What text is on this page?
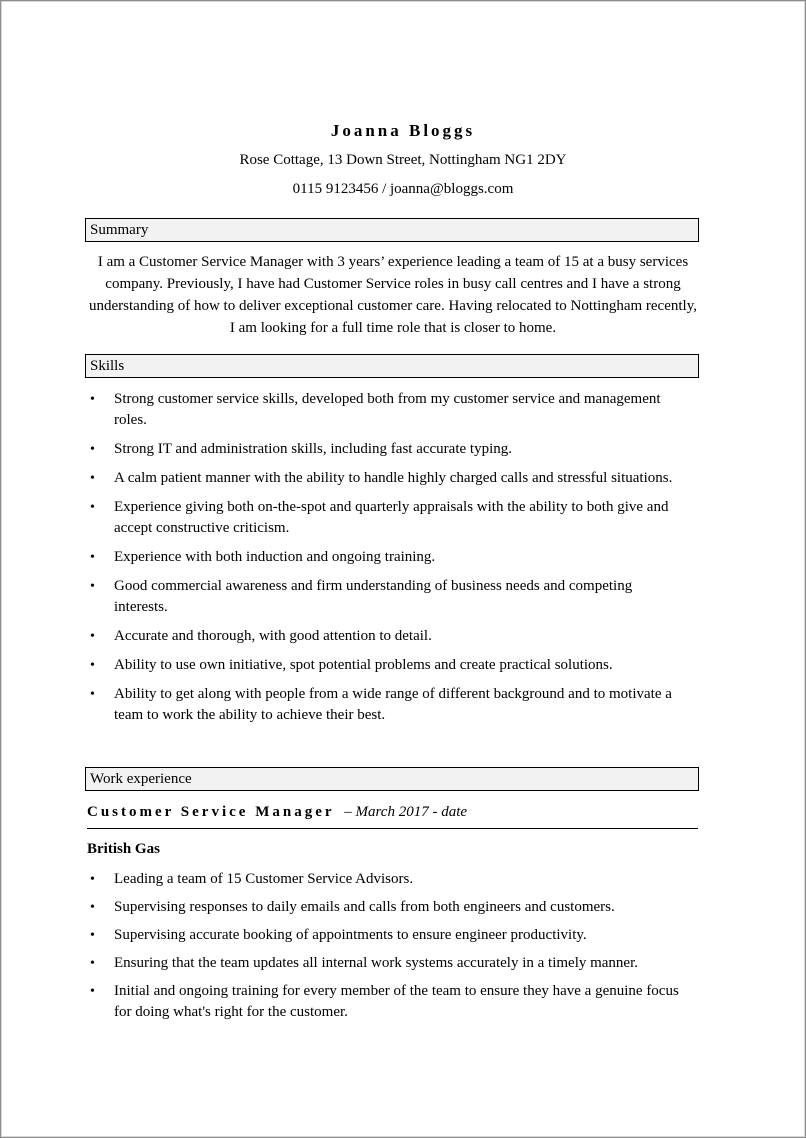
Joanna Bloggs
Rose Cottage, 13 Down Street, Nottingham NG1 2DY
0115 9123456 / joanna@bloggs.com
Summary
I am a Customer Service Manager with 3 years’ experience leading a team of 15 at a busy services company. Previously, I have had Customer Service roles in busy call centres and I have a strong understanding of how to deliver exceptional customer care. Having relocated to Nottingham recently, I am looking for a full time role that is closer to home.
Skills
• Strong customer service skills, developed both from my customer service and management roles.
• Strong IT and administration skills, including fast accurate typing.
• A calm patient manner with the ability to handle highly charged calls and stressful situations.
• Experience giving both on-the-spot and quarterly appraisals with the ability to both give and accept constructive criticism.
• Experience with both induction and ongoing training.
• Good commercial awareness and firm understanding of business needs and competing interests.
• Accurate and thorough, with good attention to detail.
• Ability to use own initiative, spot potential problems and create practical solutions.
• Ability to get along with people from a wide range of different background and to motivate a team to work the ability to achieve their best.
Work experience
Customer Service Manager – March 2017 - date
British Gas
• Leading a team of 15 Customer Service Advisors.
• Supervising responses to daily emails and calls from both engineers and customers.
• Supervising accurate booking of appointments to ensure engineer productivity.
• Ensuring that the team updates all internal work systems accurately in a timely manner.
• Initial and ongoing training for every member of the team to ensure they have a genuine focus for doing what's right for the customer.
